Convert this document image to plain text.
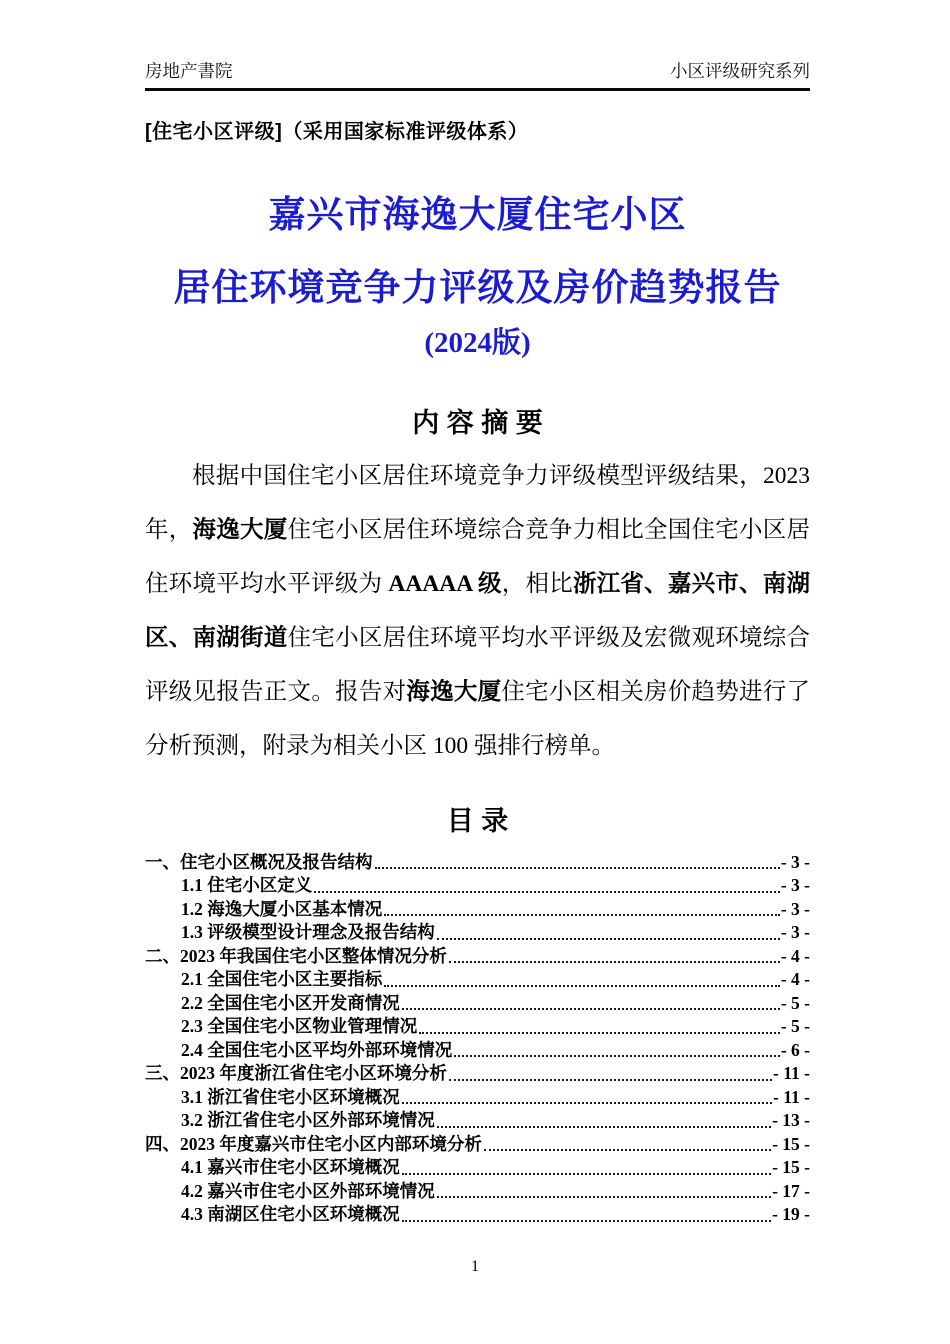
房地产書院	小区评级研究系列
[住宅小区评级]（采用国家标准评级体系）
嘉兴市海逸大厦住宅小区
居住环境竞争力评级及房价趋势报告
(2024版)
内 容 摘 要
根据中国住宅小区居住环境竞争力评级模型评级结果，2023 年，海逸大厦住宅小区居住环境综合竞争力相比全国住宅小区居住环境平均水平评级为 AAAAA 级，相比浙江省、嘉兴市、南湖区、南湖街道住宅小区居住环境平均水平评级及宏微观环境综合评级见报告正文。报告对海逸大厦住宅小区相关房价趋势进行了分析预测，附录为相关小区 100 强排行榜单。
目 录
一、住宅小区概况及报告结构	- 3 -
1.1 住宅小区定义	- 3 -
1.2 海逸大厦小区基本情况	- 3 -
1.3 评级模型设计理念及报告结构	- 3 -
二、2023 年我国住宅小区整体情况分析	- 4 -
2.1 全国住宅小区主要指标	- 4 -
2.2 全国住宅小区开发商情况	- 5 -
2.3 全国住宅小区物业管理情况	- 5 -
2.4 全国住宅小区平均外部环境情况	- 6 -
三、2023 年度浙江省住宅小区环境分析	- 11 -
3.1 浙江省住宅小区环境概况	- 11 -
3.2 浙江省住宅小区外部环境情况	- 13 -
四、2023 年度嘉兴市住宅小区内部环境分析	- 15 -
4.1 嘉兴市住宅小区环境概况	- 15 -
4.2 嘉兴市住宅小区外部环境情况	- 17 -
4.3 南湖区住宅小区环境概况	- 19 -
1
